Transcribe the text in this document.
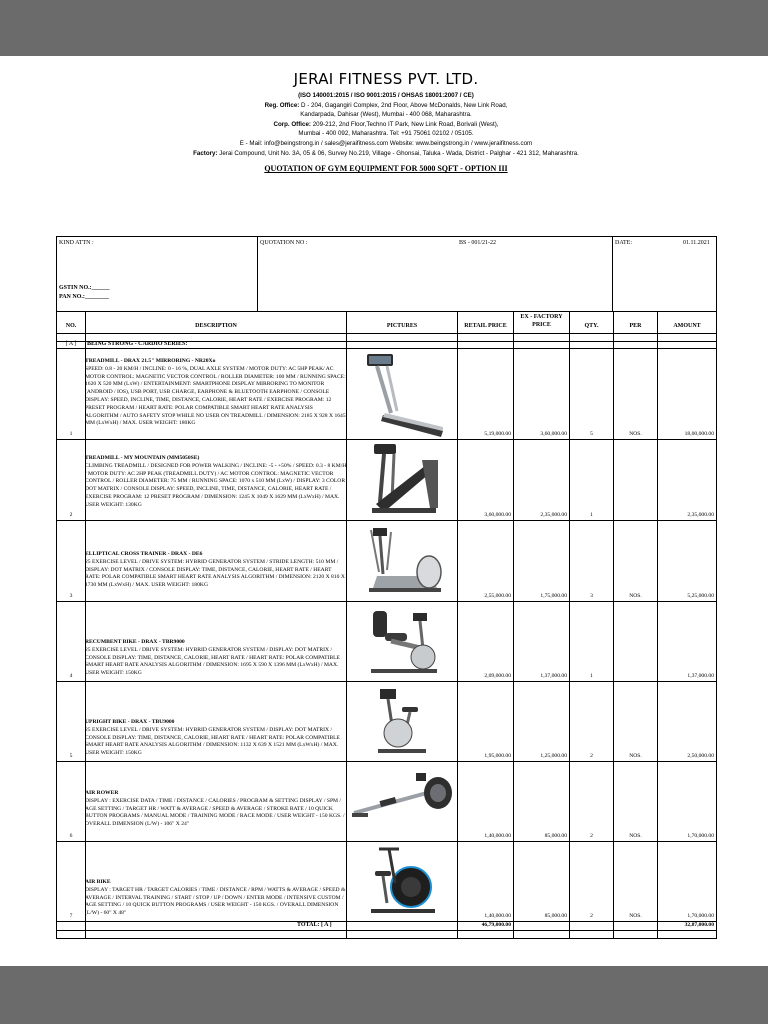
JERAI FITNESS PVT. LTD.
(ISO 140001:2015 / ISO 9001:2015 / OHSAS 18001:2007 / CE)
Reg. Office: D - 204, Gagangiri Complex, 2nd Floor, Above McDonalds, New Link Road,
Kandarpada, Dahisar (West), Mumbai - 400 068, Maharashtra.
Corp. Office: 209-212, 2nd Floor,Techno IT Park, New Link Road, Borivali (West),
Mumbai - 400 092, Maharashtra. Tel: +91 75061 02102 / 05105.
E - Mail: info@beingstrong.in / sales@jeraifitness.com Website: www.beingstrong.in / www.jeraifitness.com
Factory: Jerai Compound, Unit No. 3A, 05 & 06, Survey No.219, Village - Ghonsai, Taluka - Wada, District - Palghar - 421 312, Maharashtra.
QUOTATION OF GYM EQUIPMENT FOR 5000 SQFT - OPTION III
KIND ATTN :	QUOTATION NO :	BS - 001/21-22	DATE:	01.11.2021
GSTIN NO.:______
PAN NO.:________
NO.	DESCRIPTION	PICTURES	RETAIL PRICE
EX - FACTORY
PRICE	QTY.	PER	AMOUNT
[ A ]	BEING STRONG - CARDIO SERIES:
TREADMILL - DRAX 21.5" MIRRORING - NR20Xo
SPEED: 0.8 - 20 KM/H / INCLINE: 0 - 16 %, DUAL AXLE SYSTEM / MOTOR DUTY: AC 5HP PEAK/ AC MOTOR CONTROL: MAGNETIC VECTOR CONTROL / ROLLER DIAMETER: 100 MM / RUNNING SPACE: 1620 X 520 MM (LxW) / ENTERTAINMENT: SMARTPHONE DISPLAY MIRRORING TO MONITOR (ANDROID / IOS), USB PORT, USB CHARGE, EARPHONE & BLUETOOTH EARPHONE / CONSOLE DISPLAY: SPEED, INCLINE, TIME, DISTANCE, CALORIE, HEART RATE / EXERCISE PROGRAM: 12 PRESET PROGRAM / HEART RATE: POLAR COMPATIBLE SMART HEART RATE ANALYSIS ALGORITHM / AUTO SAFETY STOP WHILE NO USER ON TREADMILL / DIMENSION: 2185 X 928 X 1645 MM (LxWxH) / MAX. USER WEIGHT: 180KG
1	5,19,000.00	3,60,000.00	5	NOS.	18,00,000.00
TREADMILL - MY MOUNTAIN (MM5050SE)
CLIMBING TREADMILL / DESIGNED FOR POWER WALKING / INCLINE: -5 - +50% / SPEED: 0.3 - 8 KM/H / MOTOR DUTY: AC 2HP PEAK (TREADMILL DUTY) / AC MOTOR CONTROL: MAGNETIC VECTOR CONTROL / ROLLER DIAMETER: 75 MM / RUNNING SPACE: 1070 x 510 MM (LxW) / DISPLAY: 3 COLOR DOT MATRIX / CONSOLE DISPLAY: SPEED, INCLINE, TIME, DISTANCE, CALORIE, HEART RATE / EXERCISE PROGRAM: 12 PRESET PROGRAM / DIMENSION: 1245 X 1049 X 1629 MM (LxWxH) / MAX. USER WEIGHT: 130KG
2	3,60,000.00	2,35,000.00	1	2,35,000.00
ELLIPTICAL CROSS TRAINER - DRAX - DE6
25 EXERCISE LEVEL / DRIVE SYSTEM: HYBRID GENERATOR SYSTEM / STRIDE LENGTH: 510 MM / DISPLAY: DOT MATRIX / CONSOLE DISPLAY: TIME, DISTANCE, CALORIE, HEART RATE / HEART RATE: POLAR COMPATIBLE SMART HEART RATE ANALYSIS ALGORITHM / DIMENSION: 2120 X 810 X 1730 MM (LxWxH) / MAX. USER WEIGHT: 180KG
3	2,55,000.00	1,75,000.00	3	NOS.	5,25,000.00
RECUMBENT BIKE - DRAX - TBR9000
25 EXERCISE LEVEL / DRIVE SYSTEM: HYBRID GENERATOR SYSTEM / DISPLAY: DOT MATRIX / CONSOLE DISPLAY: TIME, DISTANCE, CALORIE, HEART RATE / HEART RATE: POLAR COMPATIBLE SMART HEART RATE ANALYSIS ALGORITHM / DIMENSION: 1695 X 590 X 1396 MM (LxWxH) / MAX. USER WEIGHT: 150KG
4	2,09,000.00	1,37,000.00	1	1,37,000.00
UPRIGHT BIKE - DRAX - TBU9000
25 EXERCISE LEVEL / DRIVE SYSTEM: HYBRID GENERATOR SYSTEM / DISPLAY: DOT MATRIX / CONSOLE DISPLAY: TIME, DISTANCE, CALORIE, HEART RATE / HEART RATE: POLAR COMPATIBLE SMART HEART RATE ANALYSIS ALGORITHM / DIMENSION: 1132 X 639 X 1521 MM (LxWxH) / MAX. USER WEIGHT: 150KG
5	1,95,000.00	1,25,000.00	2	NOS.	2,50,000.00
AIR ROWER
DISPLAY : EXERCISE DATA / TIME / DISTANCE / CALORIES / PROGRAM & SETTING DISPLAY / SPM / AGE SETTING / TARGET HR / WATT & AVERAGE / SPEED & AVERAGE / STROKE RATE / 10 QUICK BUTTON PROGRAMS / MANUAL MODE / TRAINING MODE / RACE MODE / USER WEIGHT - 150 KGS. / OVERALL DIMENSION (L/W) - 106" X 24"
6	1,40,000.00	85,000.00	2	NOS.	1,70,000.00
AIR BIKE
DISPLAY : TARGET HR / TARGET CALORIES / TIME / DISTANCE / RPM / WATTS & AVERAGE / SPEED & AVERAGE / INTERVAL TRAINING / START / STOP / UP / DOWN / ENTER MODE / INTENSIVE CUSTOM / AGE SETTING / 10 QUICK BUTTON PROGRAMS / USER WEIGHT - 150 KGS. / OVERALL DIMENSION (L/W) - 60" X 48"
7	1,40,000.00	85,000.00	2	NOS.	1,70,000.00
TOTAL: [ A ]	46,79,000.00	32,87,000.00
